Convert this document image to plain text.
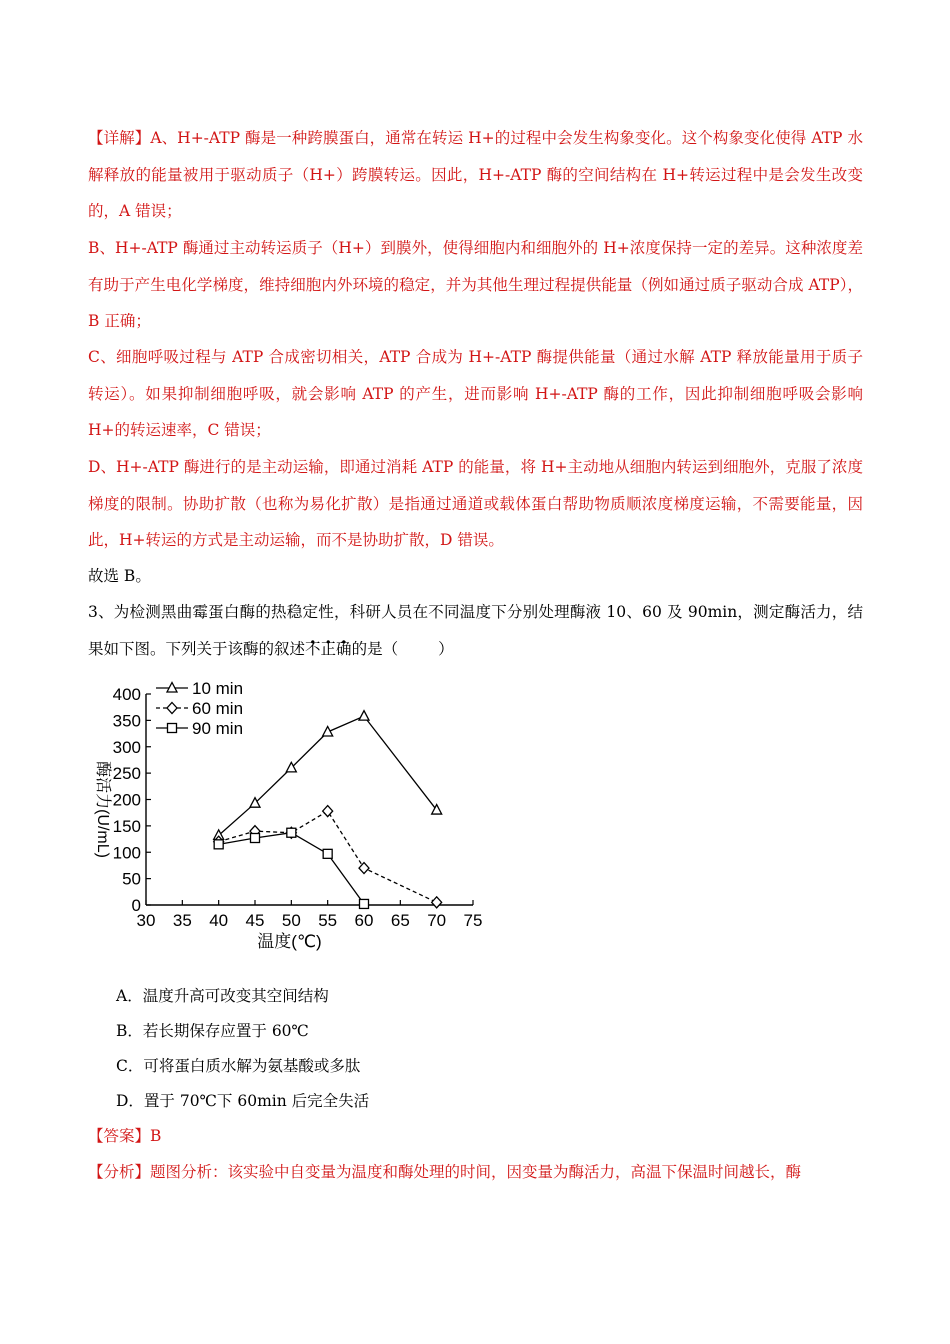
【详解】A、H+-ATP 酶是一种跨膜蛋白，通常在转运 H+的过程中会发生构象变化。这个构象变化使得 ATP 水解释放的能量被用于驱动质子（H+）跨膜转运。因此，H+-ATP 酶的空间结构在 H+转运过程中是会发生改变的，A 错误；
B、H+-ATP 酶通过主动转运质子（H+）到膜外，使得细胞内和细胞外的 H+浓度保持一定的差异。这种浓度差有助于产生电化学梯度，维持细胞内外环境的稳定，并为其他生理过程提供能量（例如通过质子驱动合成 ATP），B 正确；
C、细胞呼吸过程与 ATP 合成密切相关，ATP 合成为 H+-ATP 酶提供能量（通过水解 ATP 释放能量用于质子转运）。如果抑制细胞呼吸，就会影响 ATP 的产生，进而影响 H+-ATP 酶的工作，因此抑制细胞呼吸会影响 H+的转运速率，C 错误；
D、H+-ATP 酶进行的是主动运输，即通过消耗 ATP 的能量，将 H+主动地从细胞内转运到细胞外，克服了浓度梯度的限制。协助扩散（也称为易化扩散）是指通过通道或载体蛋白帮助物质顺浓度梯度运输，不需要能量，因此，H+转运的方式是主动运输，而不是协助扩散，D 错误。
故选 B。
3、为检测黑曲霉蛋白酶的热稳定性，科研人员在不同温度下分别处理酶液 10、60 及 90min，测定酶活力，结果如下图。下列关于该酶的叙述不正确的是（	）
0
50
100
150
200
250
300
350
400
30 35 40 45 50 55 60 65 70 75
温度(℃)
酶活力(U/mL)
10 min
60 min
90 min
A．温度升高可改变其空间结构
B．若长期保存应置于 60℃
C．可将蛋白质水解为氨基酸或多肽
D．置于 70℃下 60min 后完全失活
【答案】B
【分析】题图分析：该实验中自变量为温度和酶处理的时间，因变量为酶活力，高温下保温时间越长，酶
